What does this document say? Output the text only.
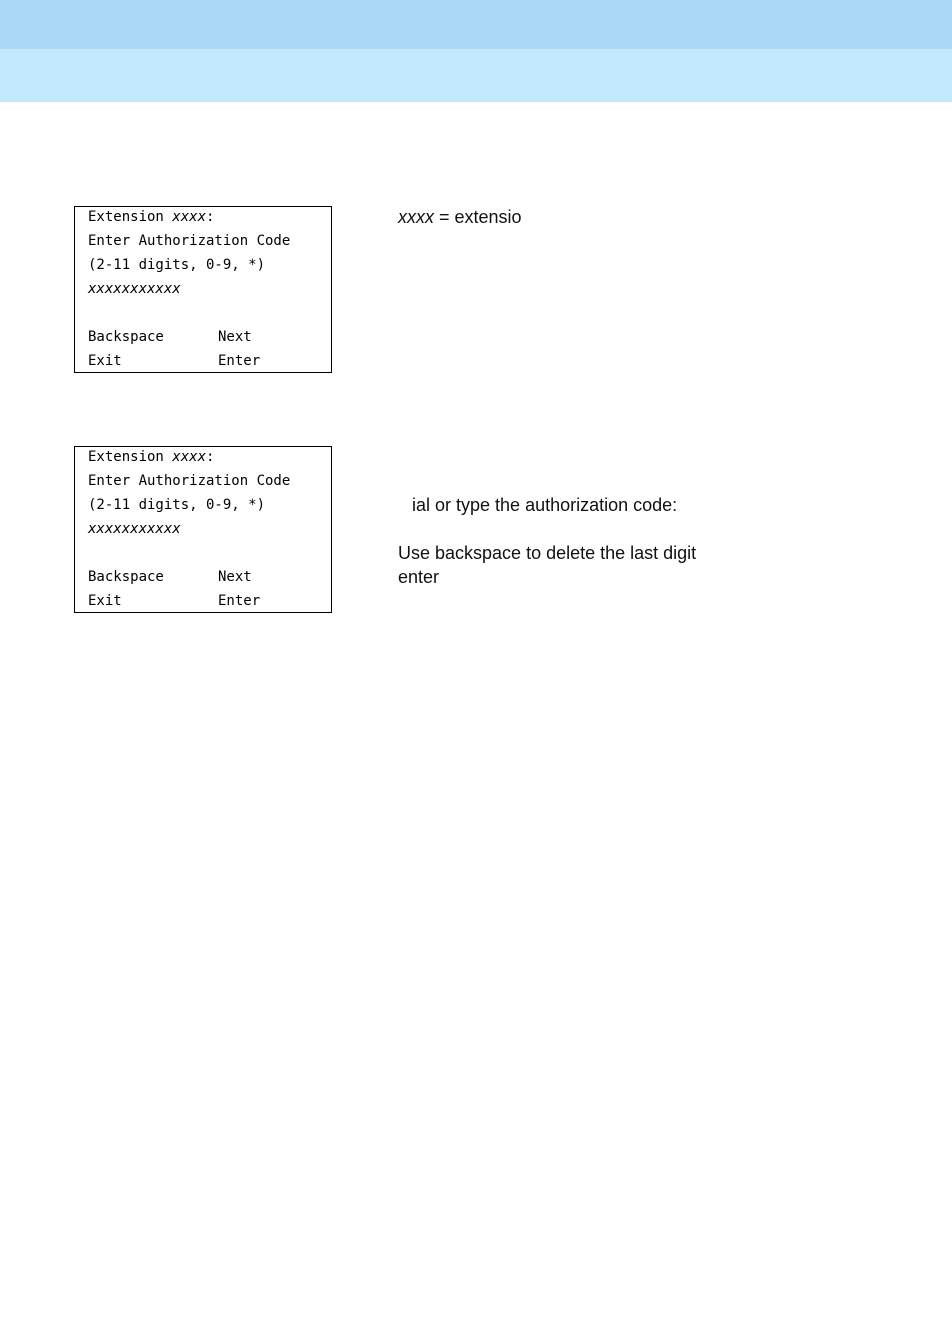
Extension xxxx:
Enter Authorization Code
(2-11 digits, 0-9, *)
xxxxxxxxxxx
Backspace	Next
Exit	Enter
Extension xxxx:
Enter Authorization Code
(2-11 digits, 0-9, *)
xxxxxxxxxxx
Backspace	Next
Exit	Enter
xxxx = extensio
ial or type the authorization code:
Use backspace to delete the last digit
enter
